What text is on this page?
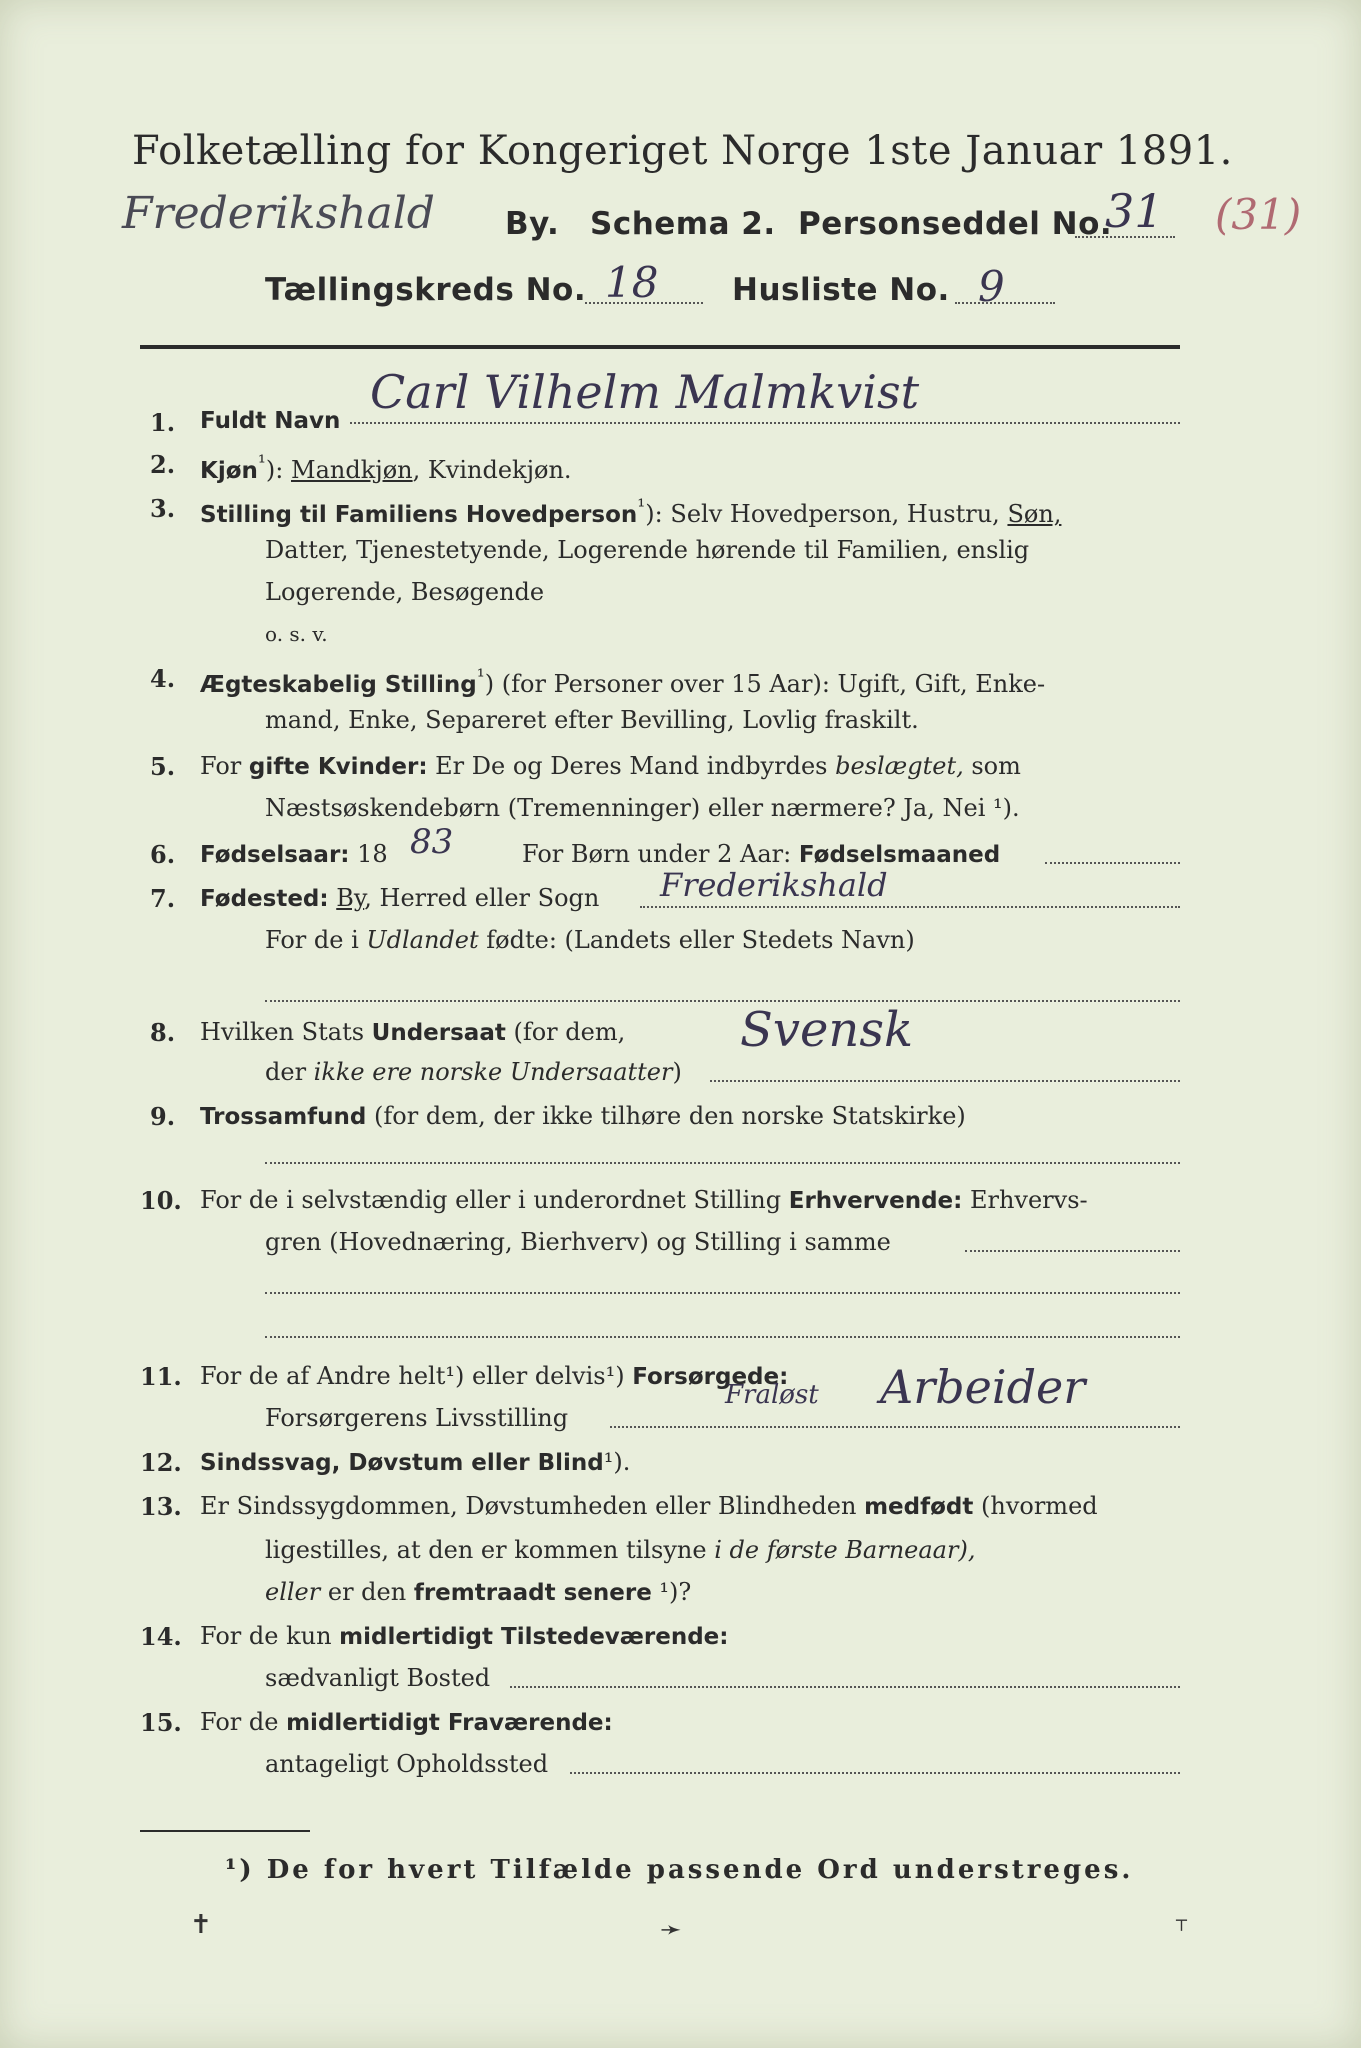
Folketælling for Kongeriget Norge 1ste Januar 1891.
Frederikshald By. Schema 2. Personseddel No.
31 (31)
Tællingskreds No. 18 Husliste No. 9
1. Fuldt Navn
Carl Vilhelm Malmkvist
2. Kjøn$^{^1}$): Mandkjøn, Kvindekjøn.
3. Stilling til Familiens Hovedperson$^{^1}$): Selv Hovedperson, Hustru, Søn,
Datter, Tjenestetyende, Logerende hørende til Familien, enslig
Logerende, Besøgende
o. s. v.
4. Ægteskabelig Stilling$^{^1}$) (for Personer over 15 Aar): Ugift, Gift, Enke-
mand, Enke, Separeret efter Bevilling, Lovlig fraskilt.
5. For gifte Kvinder: Er De og Deres Mand indbyrdes beslægtet, som
Næstsøskendebørn (Tremenninger) eller nærmere? Ja, Nei ¹).
6. Fødselsaar: 18 83	For Børn under 2 Aar: Fødselsmaaned
7. Fødested: By, Herred eller Sogn Frederikshald
For de i Udlandet fødte: (Landets eller Stedets Navn)
8. Hvilken Stats Undersaat (for dem,
der ikke ere norske Undersaatter)
Svensk
9. Trossamfund (for dem, der ikke tilhøre den norske Statskirke)
10. For de i selvstændig eller i underordnet Stilling Erhvervende: Erhvervs-
gren (Hovednæring, Bierhverv) og Stilling i samme
11. For de af Andre helt¹) eller delvis¹) Forsørgede:
Forsørgerens Livsstilling
Fraløst Arbeider
12. Sindssvag, Døvstum eller Blind¹).
13. Er Sindssygdommen, Døvstumheden eller Blindheden medfødt (hvormed
ligestilles, at den er kommen tilsyne i de første Barneaar),
eller er den fremtraadt senere ¹)?
14. For de kun midlertidigt Tilstedeværende:
sædvanligt Bosted
15. For de midlertidigt Fraværende:
antageligt Opholdssted
¹) De for hvert Tilfælde passende Ord understreges.
✝	➛	⸆
